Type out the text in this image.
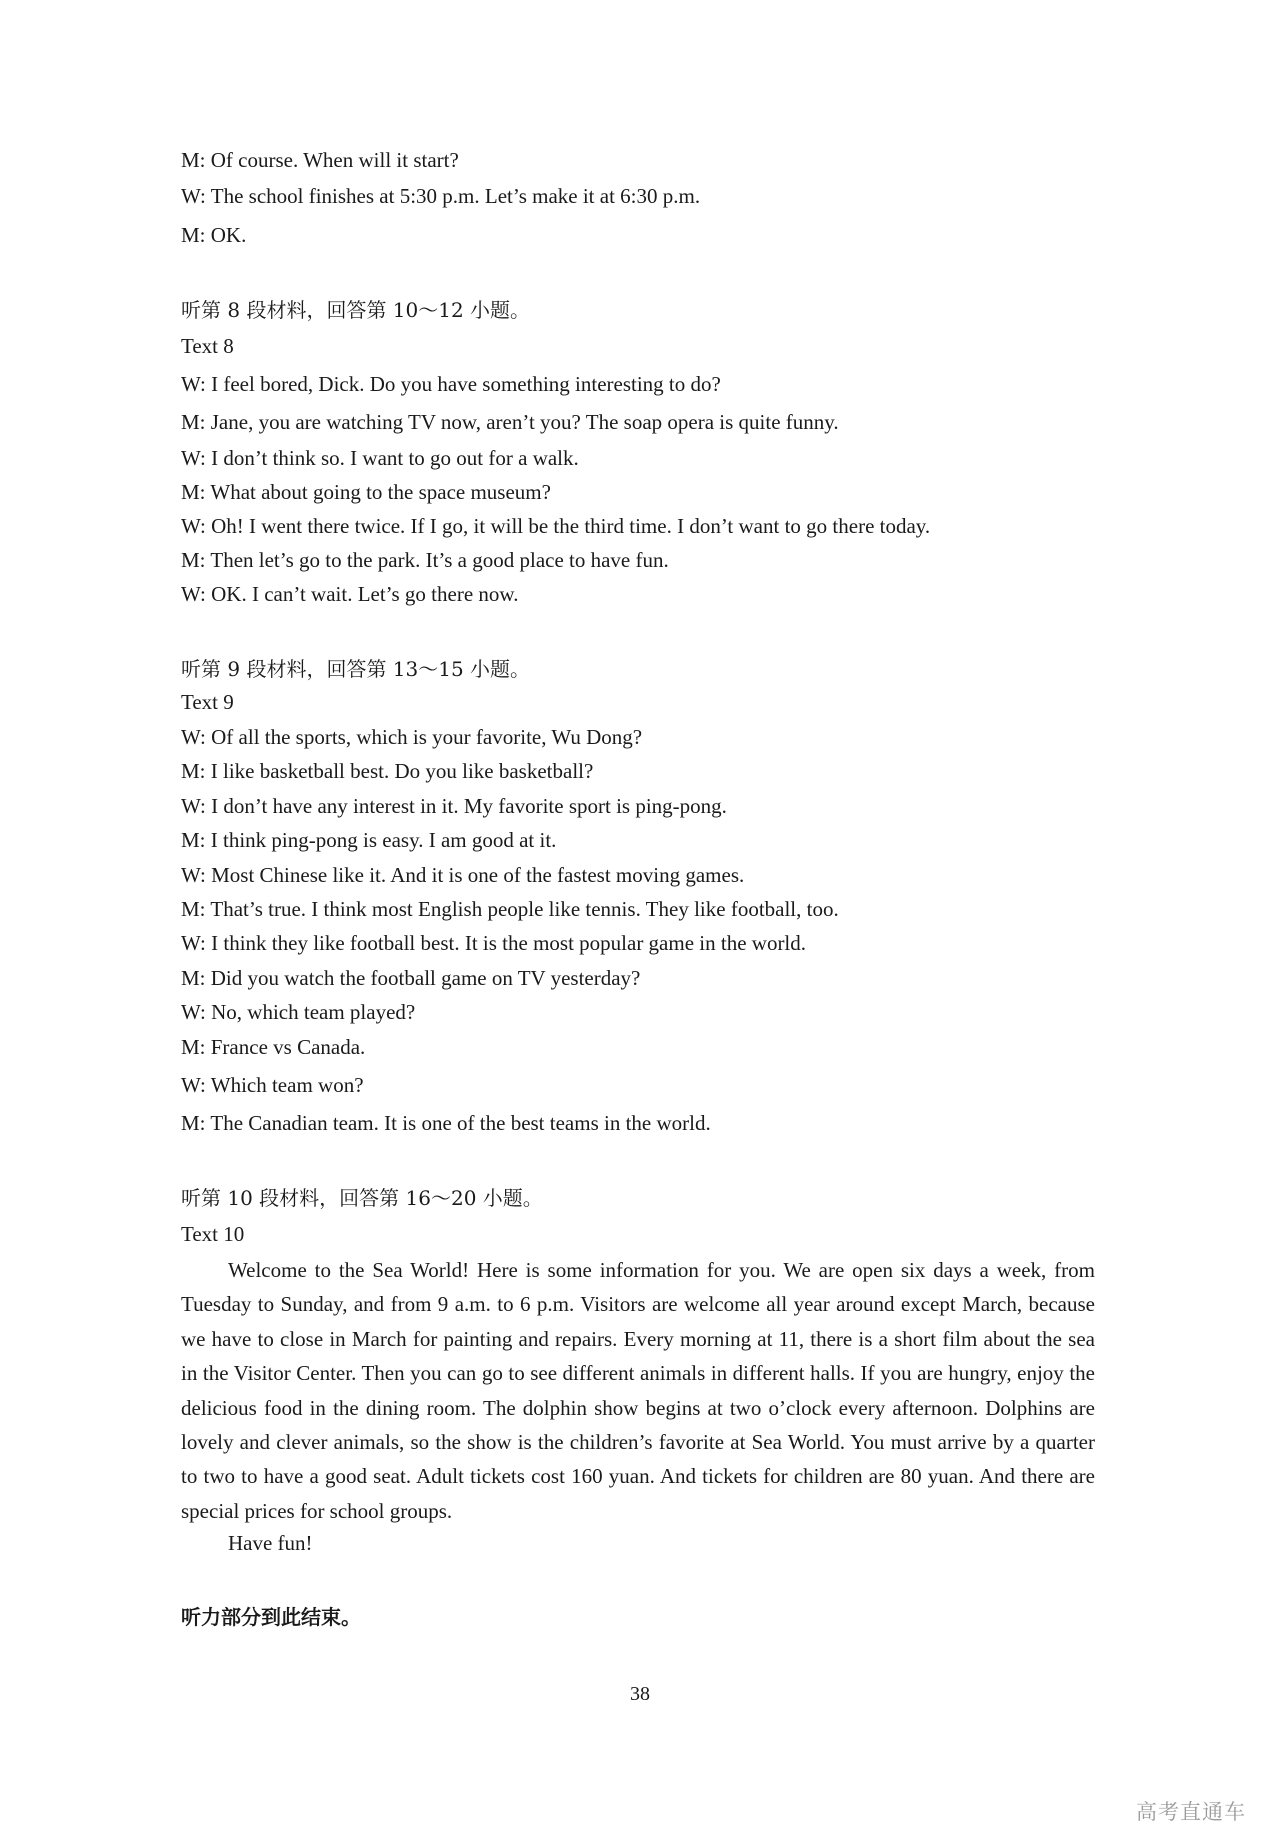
M: Of course. When will it start?
W: The school finishes at 5:30 p.m. Let’s make it at 6:30 p.m.
M: OK.
听第 8 段材料，回答第 10～12 小题。
Text 8
W: I feel bored, Dick. Do you have something interesting to do?
M: Jane, you are watching TV now, aren’t you? The soap opera is quite funny.
W: I don’t think so. I want to go out for a walk.
M: What about going to the space museum?
W: Oh! I went there twice. If I go, it will be the third time. I don’t want to go there today.
M: Then let’s go to the park. It’s a good place to have fun.
W: OK. I can’t wait. Let’s go there now.
听第 9 段材料，回答第 13～15 小题。
Text 9
W: Of all the sports, which is your favorite, Wu Dong?
M: I like basketball best. Do you like basketball?
W: I don’t have any interest in it. My favorite sport is ping-pong.
M: I think ping-pong is easy. I am good at it.
W: Most Chinese like it. And it is one of the fastest moving games.
M: That’s true. I think most English people like tennis. They like football, too.
W: I think they like football best. It is the most popular game in the world.
M: Did you watch the football game on TV yesterday?
W: No, which team played?
M: France vs Canada.
W: Which team won?
M: The Canadian team. It is one of the best teams in the world.
听第 10 段材料，回答第 16～20 小题。
Text 10
Welcome to the Sea World! Here is some information for you. We are open six days a week, from Tuesday to Sunday, and from 9 a.m. to 6 p.m. Visitors are welcome all year around except March, because we have to close in March for painting and repairs. Every morning at 11, there is a short film about the sea in the Visitor Center. Then you can go to see different animals in different halls. If you are hungry, enjoy the delicious food in the dining room. The dolphin show begins at two o’clock every afternoon. Dolphins are lovely and clever animals, so the show is the children’s favorite at Sea World. You must arrive by a quarter to two to have a good seat. Adult tickets cost 160 yuan. And tickets for children are 80 yuan. And there are special prices for school groups.
Have fun!
听力部分到此结束。
38
高考直通车
